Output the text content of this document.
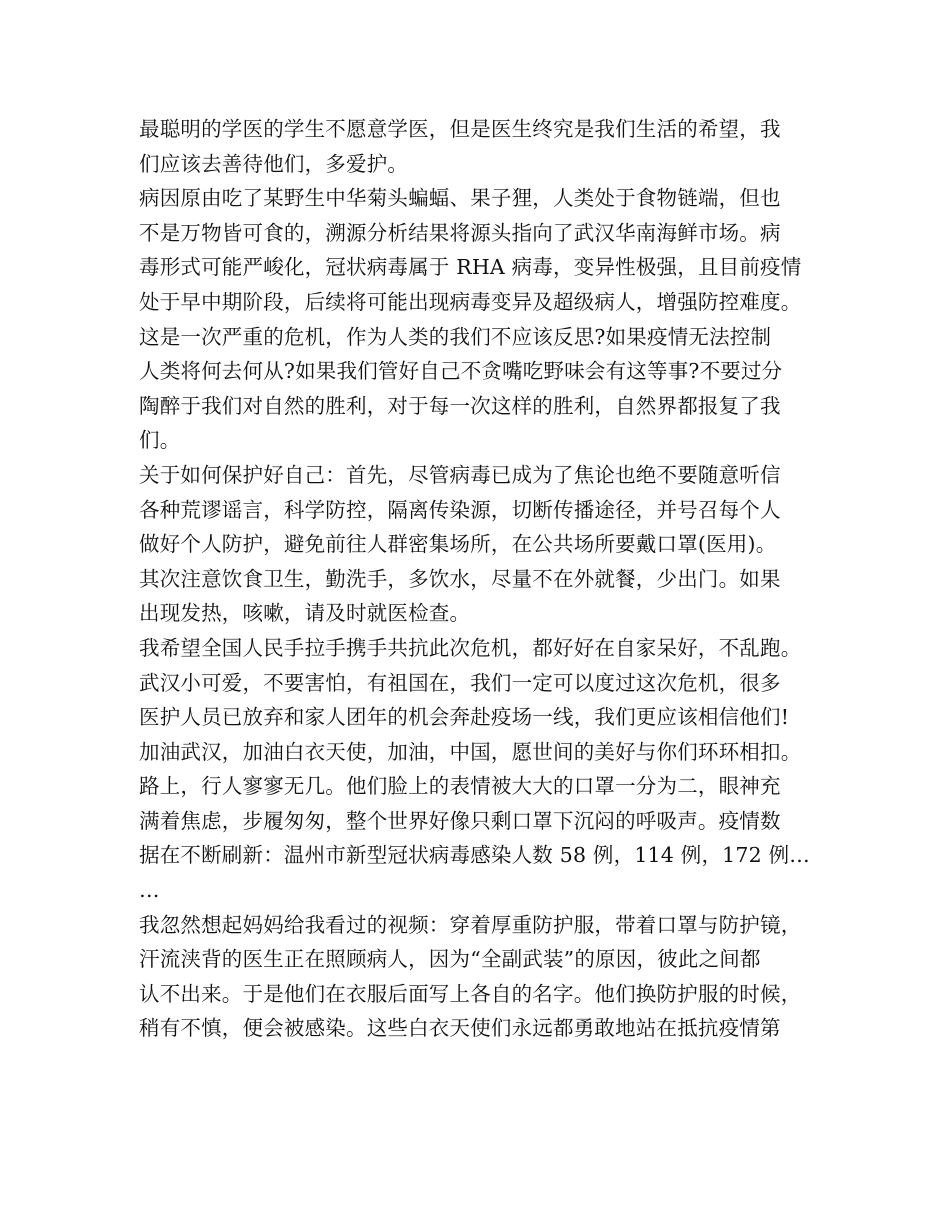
最聪明的学医的学生不愿意学医，但是医生终究是我们生活的希望，我
们应该去善待他们，多爱护。
病因原由吃了某野生中华菊头蝙蝠、果子狸，人类处于食物链端，但也
不是万物皆可食的，溯源分析结果将源头指向了武汉华南海鲜市场。病
毒形式可能严峻化，冠状病毒属于 RHA 病毒，变异性极强，且目前疫情
处于早中期阶段，后续将可能出现病毒变异及超级病人，增强防控难度。
这是一次严重的危机，作为人类的我们不应该反思?如果疫情无法控制
人类将何去何从?如果我们管好自己不贪嘴吃野味会有这等事?不要过分
陶醉于我们对自然的胜利，对于每一次这样的胜利，自然界都报复了我
们。
关于如何保护好自己：首先，尽管病毒已成为了焦论也绝不要随意听信
各种荒谬谣言，科学防控，隔离传染源，切断传播途径，并号召每个人
做好个人防护，避免前往人群密集场所，在公共场所要戴口罩(医用)。
其次注意饮食卫生，勤洗手，多饮水，尽量不在外就餐，少出门。如果
出现发热，咳嗽，请及时就医检查。
我希望全国人民手拉手携手共抗此次危机，都好好在自家呆好，不乱跑。
武汉小可爱，不要害怕，有祖国在，我们一定可以度过这次危机，很多
医护人员已放弃和家人团年的机会奔赴疫场一线，我们更应该相信他们!
加油武汉，加油白衣天使，加油，中国，愿世间的美好与你们环环相扣。
路上，行人寥寥无几。他们脸上的表情被大大的口罩一分为二，眼神充
满着焦虑，步履匆匆，整个世界好像只剩口罩下沉闷的呼吸声。疫情数
据在不断刷新：温州市新型冠状病毒感染人数 58 例，114 例，172 例…
…
我忽然想起妈妈给我看过的视频：穿着厚重防护服，带着口罩与防护镜，
汗流浃背的医生正在照顾病人，因为“全副武装”的原因，彼此之间都
认不出来。于是他们在衣服后面写上各自的名字。他们换防护服的时候，
稍有不慎，便会被感染。这些白衣天使们永远都勇敢地站在抵抗疫情第
